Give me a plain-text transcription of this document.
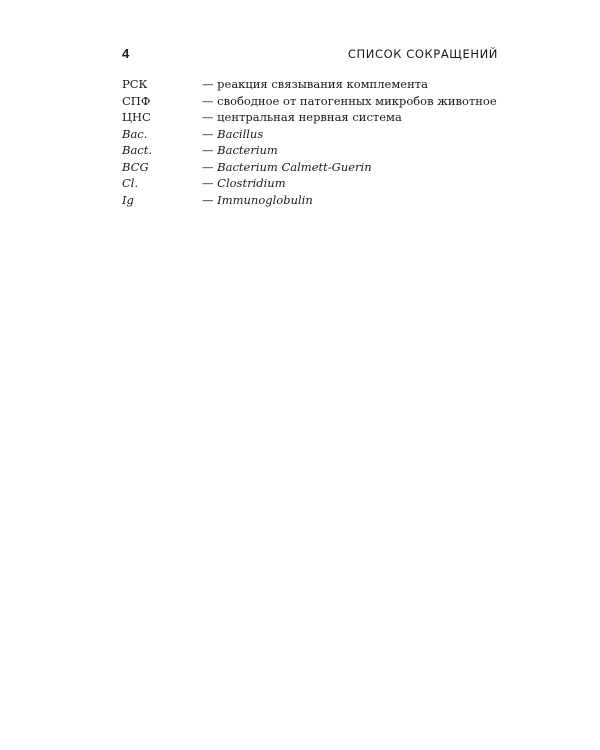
4	СПИСОК СОКРАЩЕНИЙ
РСК	— реакция связывания комплемента
СПФ	— свободное от патогенных микробов животное
ЦНС	— центральная нервная система
Bac.	— Bacillus
Bact.	— Bacterium
BCG	— Bacterium Calmett-Guerin
Cl.	— Clostridium
Ig	— Immunoglobulin
